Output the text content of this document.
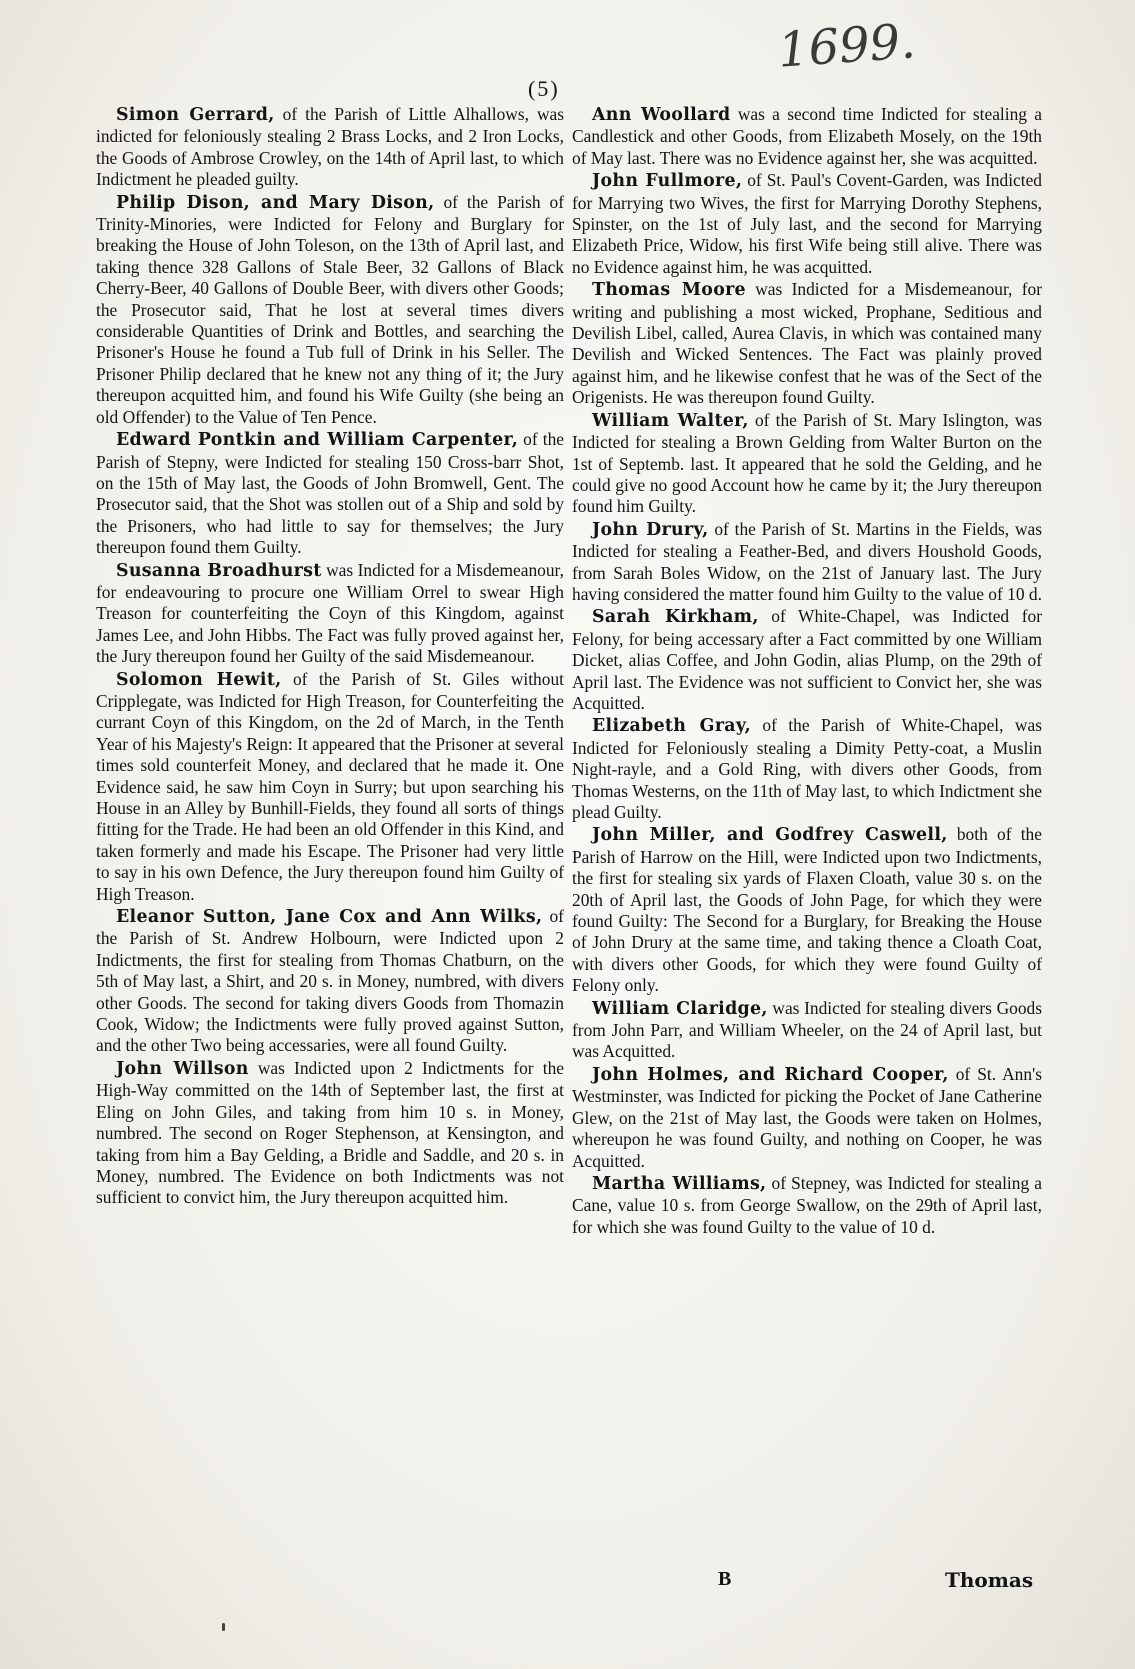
1699.
(5)

Simon Gerrard, of the Parish of Little Alhallows, was indicted for feloniously stealing 2 Brass Locks, and 2 Iron Locks, the Goods of Ambrose Crowley, on the 14th of April last, to which Indictment he pleaded guilty.

Philip Dison, and Mary Dison, of the Parish of Trinity-Minories, were Indicted for Felony and Burglary for breaking the House of John Toleson, on the 13th of April last, and taking thence 328 Gallons of Stale Beer, 32 Gallons of Black Cherry-Beer, 40 Gallons of Double Beer, with divers other Goods; the Prosecutor said, That he lost at several times divers considerable Quantities of Drink and Bottles, and searching the Prisoner's House he found a Tub full of Drink in his Seller. The Prisoner Philip declared that he knew not any thing of it; the Jury thereupon acquitted him, and found his Wife Guilty (she being an old Offender) to the Value of Ten Pence.

Edward Pontkin and William Carpenter, of the Parish of Stepny, were Indicted for stealing 150 Cross-barr Shot, on the 15th of May last, the Goods of John Bromwell, Gent. The Prosecutor said, that the Shot was stollen out of a Ship and sold by the Prisoners, who had little to say for themselves; the Jury thereupon found them Guilty.

Susanna Broadhurst was Indicted for a Misdemeanour, for endeavouring to procure one William Orrel to swear High Treason for counterfeiting the Coyn of this Kingdom, against James Lee, and John Hibbs. The Fact was fully proved against her, the Jury thereupon found her Guilty of the said Misdemeanour.

Solomon Hewit, of the Parish of St. Giles without Cripplegate, was Indicted for High Treason, for Counterfeiting the currant Coyn of this Kingdom, on the 2d of March, in the Tenth Year of his Majesty's Reign: It appeared that the Prisoner at several times sold counterfeit Money, and declared that he made it. One Evidence said, he saw him Coyn in Surry; but upon searching his House in an Alley by Bunhill-Fields, they found all sorts of things fitting for the Trade. He had been an old Offender in this Kind, and taken formerly and made his Escape. The Prisoner had very little to say in his own Defence, the Jury thereupon found him Guilty of High Treason.

Eleanor Sutton, Jane Cox and Ann Wilks, of the Parish of St. Andrew Holbourn, were Indicted upon 2 Indictments, the first for stealing from Thomas Chatburn, on the 5th of May last, a Shirt, and 20 s. in Money, numbred, with divers other Goods. The second for taking divers Goods from Thomazin Cook, Widow; the Indictments were fully proved against Sutton, and the other Two being accessaries, were all found Guilty.

John Willson was Indicted upon 2 Indictments for the High-Way committed on the 14th of September last, the first at Eling on John Giles, and taking from him 10 s. in Money, numbred. The second on Roger Stephenson, at Kensington, and taking from him a Bay Gelding, a Bridle and Saddle, and 20 s. in Money, numbred. The Evidence on both Indictments was not sufficient to convict him, the Jury thereupon acquitted him.

Ann Woollard was a second time Indicted for stealing a Candlestick and other Goods, from Elizabeth Mosely, on the 19th of May last. There was no Evidence against her, she was acquitted.

John Fullmore, of St. Paul's Covent-Garden, was Indicted for Marrying two Wives, the first for Marrying Dorothy Stephens, Spinster, on the 1st of July last, and the second for Marrying Elizabeth Price, Widow, his first Wife being still alive. There was no Evidence against him, he was acquitted.

Thomas Moore was Indicted for a Misdemeanour, for writing and publishing a most wicked, Prophane, Seditious and Devilish Libel, called, Aurea Clavis, in which was contained many Devilish and Wicked Sentences. The Fact was plainly proved against him, and he likewise confest that he was of the Sect of the Origenists. He was thereupon found Guilty.

William Walter, of the Parish of St. Mary Islington, was Indicted for stealing a Brown Gelding from Walter Burton on the 1st of Septemb. last. It appeared that he sold the Gelding, and he could give no good Account how he came by it; the Jury thereupon found him Guilty.

John Drury, of the Parish of St. Martins in the Fields, was Indicted for stealing a Feather-Bed, and divers Houshold Goods, from Sarah Boles Widow, on the 21st of January last. The Jury having considered the matter found him Guilty to the value of 10 d.

Sarah Kirkham, of White-Chapel, was Indicted for Felony, for being accessary after a Fact committed by one William Dicket, alias Coffee, and John Godin, alias Plump, on the 29th of April last. The Evidence was not sufficient to Convict her, she was Acquitted.

Elizabeth Gray, of the Parish of White-Chapel, was Indicted for Feloniously stealing a Dimity Petty-coat, a Muslin Night-rayle, and a Gold Ring, with divers other Goods, from Thomas Westerns, on the 11th of May last, to which Indictment she plead Guilty.

John Miller, and Godfrey Caswell, both of the Parish of Harrow on the Hill, were Indicted upon two Indictments, the first for stealing six yards of Flaxen Cloath, value 30 s. on the 20th of April last, the Goods of John Page, for which they were found Guilty: The Second for a Burglary, for Breaking the House of John Drury at the same time, and taking thence a Cloath Coat, with divers other Goods, for which they were found Guilty of Felony only.

William Claridge, was Indicted for stealing divers Goods from John Parr, and William Wheeler, on the 24 of April last, but was Acquitted.

John Holmes, and Richard Cooper, of St. Ann's Westminster, was Indicted for picking the Pocket of Jane Catherine Glew, on the 21st of May last, the Goods were taken on Holmes, whereupon he was found Guilty, and nothing on Cooper, he was Acquitted.

Martha Williams, of Stepney, was Indicted for stealing a Cane, value 10 s. from George Swallow, on the 29th of April last, for which she was found Guilty to the value of 10 d.

B	Thomas
